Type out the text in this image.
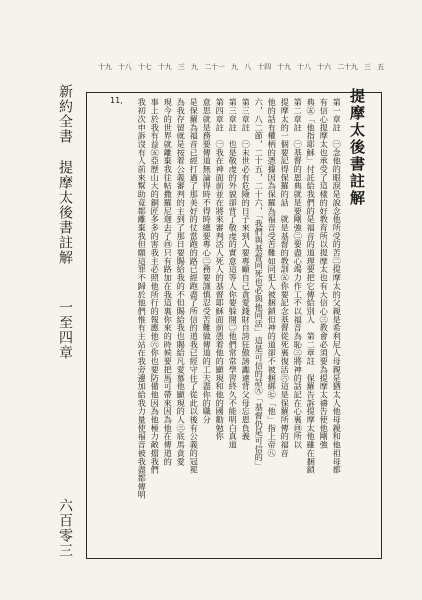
新約全書
提摩太後書註解
一至四章
六百零三
十九 十八 十七 十九 三 九 二十一 九 八 十四 十九 十八 十六 二十九 三 五
提摩太後書註解
11,	第一章註　㊀念他的眼淚是說念他所受的苦㊁提摩太的父親是希利尼人母親是猶太人他母親和他祖母都
有信心提摩太也承受了這樣的好教育所以提摩太也有大信心㊂教會必須要為提摩太禱告使他剛強
典㊄「他指耶穌」付託給我們的是福音的道理要把它傳給別人　第二章註　保羅告訴提摩太他雖在捆鎖
第二章註　㊀基督的恩典就是要剛強㊁要盡心竭力作工不以福音為恥㊂將神的話記在心裏㊃所以
提摩太的一個要記得保羅的話　就是基督的教訓㊄你要記念基督從死裏復活㊅這是保羅所傳的福音
他的話有權柄的憑據因為保羅為福音受苦難如同犯人被捆鎖但神的道卻不被捆綁㊆「他」指上帝㊇
六，八二節，二十五，二十六，「我們與基督同死也必與他同活」這是可信的話㊈「基督仍是可信的」
第三章註　㊀末世必有危險的日子來到人要專顧自己貪愛錢財自誇狂傲謗讟違背父母忘恩負義
第三章註　也是敬虔的外貌卻背了敬虔的實意這等人你要躲開㊁他們常常學習終久不能明白真道
第四章註　㊀我在神面前並在將來審判活人死人的基督耶穌面前憑着他的顯現和他的國勸勉你
意思就是務要傳道無論得時不得時總要專心㊁務要謹慎忍受苦難做傳道的工夫盡你的職分
是保羅為福音已經打過了那美好的仗當跑的路已經跑盡了所信的道我已經守住了從此以後有公義的冠冕
為我存留就是按着公義審判的主到了那日要賜給我的不但賜給我也賜給凡愛慕他顯現的人㊂底馬貪愛
現今的世界就離棄我往帖撒羅尼迦去了㊃只有路加在我這裏你來的時候要把馬可帶來因為他在傳道的
事上於我有益㊄亞歷山大的銅匠多多的害我主必照他所行的報應他㊅你也要防備他因為他極力敵擋我們
我初次申訴沒有人前來幫助竟都離棄我但願這罪不歸於他們惟有主站在我旁邊加給我力量使福音被我盡都傳明
